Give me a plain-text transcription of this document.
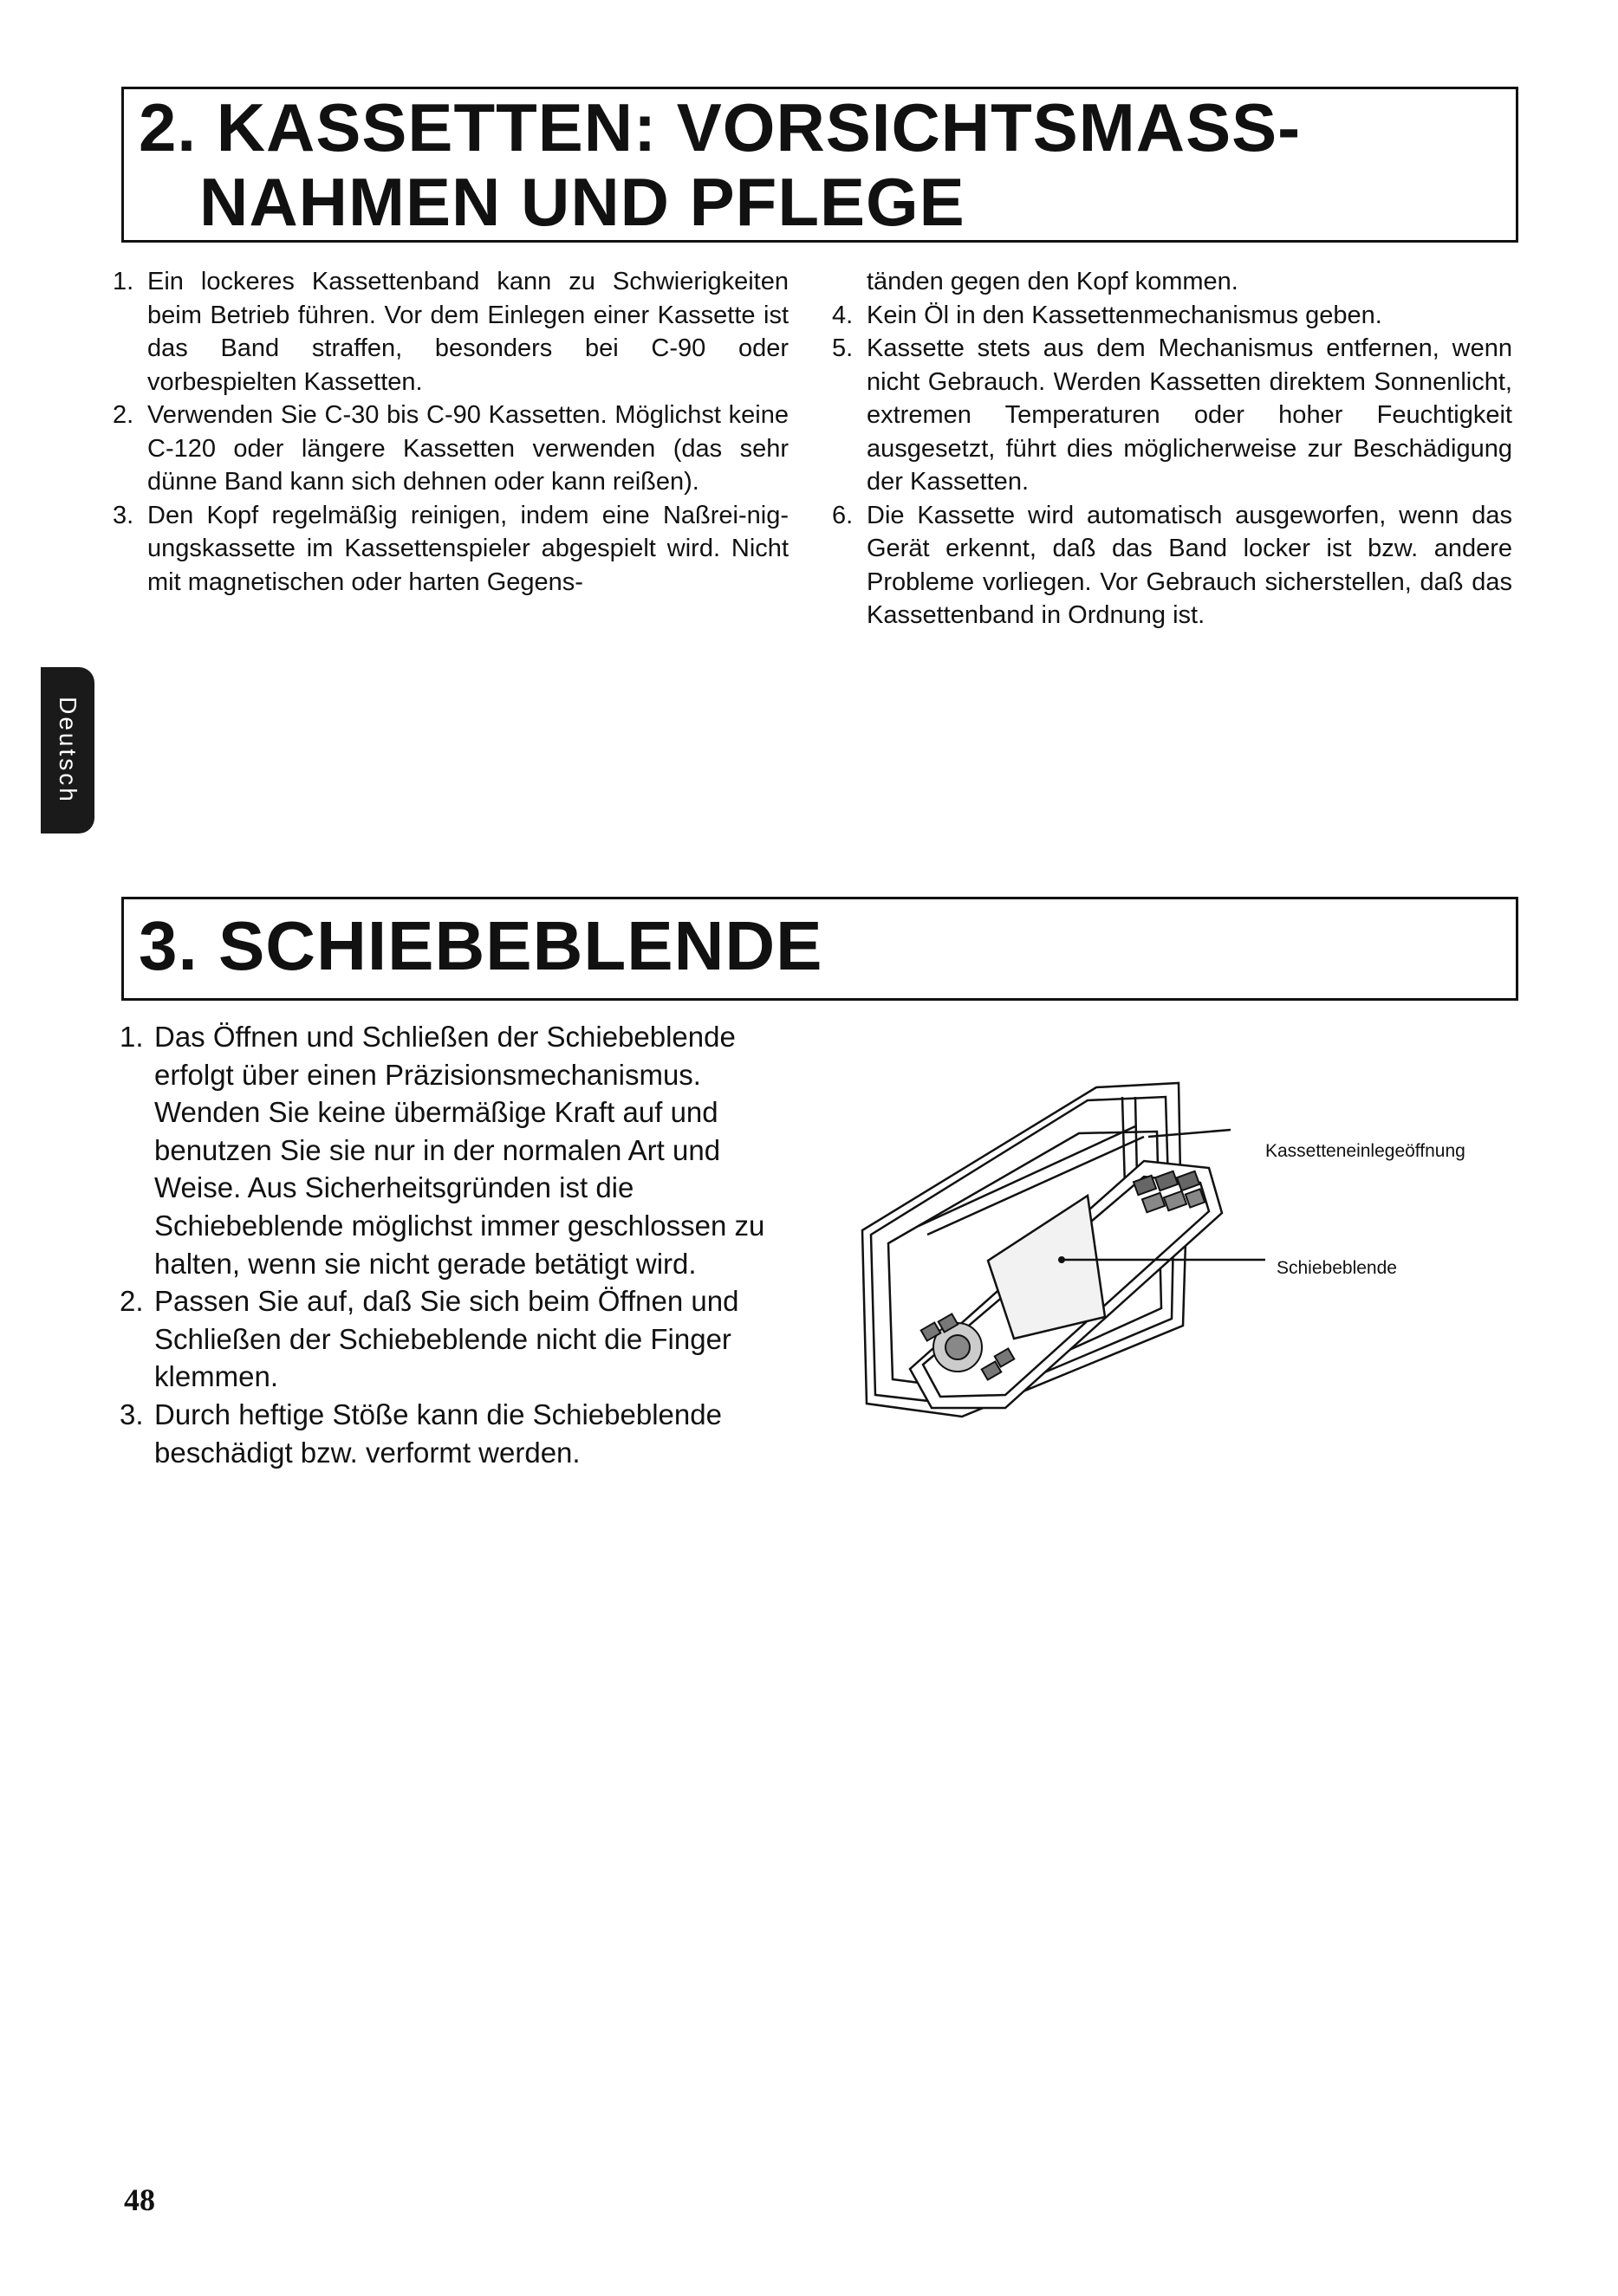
Deutsch
2. KASSETTEN: VORSICHTSMASS-
NAHMEN UND PFLEGE
1. Ein lockeres Kassettenband kann zu Schwierigkeiten beim Betrieb führen. Vor dem Einlegen einer Kassette ist das Band straffen, besonders bei C-90 oder vorbespielten Kassetten.
2. Verwenden Sie C-30 bis C-90 Kassetten. Möglichst keine C-120 oder längere Kassetten verwenden (das sehr dünne Band kann sich dehnen oder kann reißen).
3. Den Kopf regelmäßig reinigen, indem eine Naßrei-nig-ungskassette im Kassettenspieler abgespielt wird. Nicht mit magnetischen oder harten Gegens-
tänden gegen den Kopf kommen.
4. Kein Öl in den Kassettenmechanismus geben.
5. Kassette stets aus dem Mechanismus entfernen, wenn nicht Gebrauch. Werden Kassetten direktem Sonnenlicht, extremen Temperaturen oder hoher Feuchtigkeit ausgesetzt, führt dies möglicherweise zur Beschädigung der Kassetten.
6. Die Kassette wird automatisch ausgeworfen, wenn das Gerät erkennt, daß das Band locker ist bzw. andere Probleme vorliegen. Vor Gebrauch sicherstellen, daß das Kassettenband in Ordnung ist.
3. SCHIEBEBLENDE
1. Das Öffnen und Schließen der Schiebeblende erfolgt über einen Präzisionsmechanismus. Wenden Sie keine übermäßige Kraft auf und benutzen Sie sie nur in der normalen Art und Weise. Aus Sicherheitsgründen ist die Schiebeblende möglichst immer geschlossen zu halten, wenn sie nicht gerade betätigt wird.
2. Passen Sie auf, daß Sie sich beim Öffnen und Schließen der Schiebeblende nicht die Finger klemmen.
3. Durch heftige Stöße kann die Schiebeblende beschädigt bzw. verformt werden.
Kassetteneinlegeöffnung
Schiebeblende
48
